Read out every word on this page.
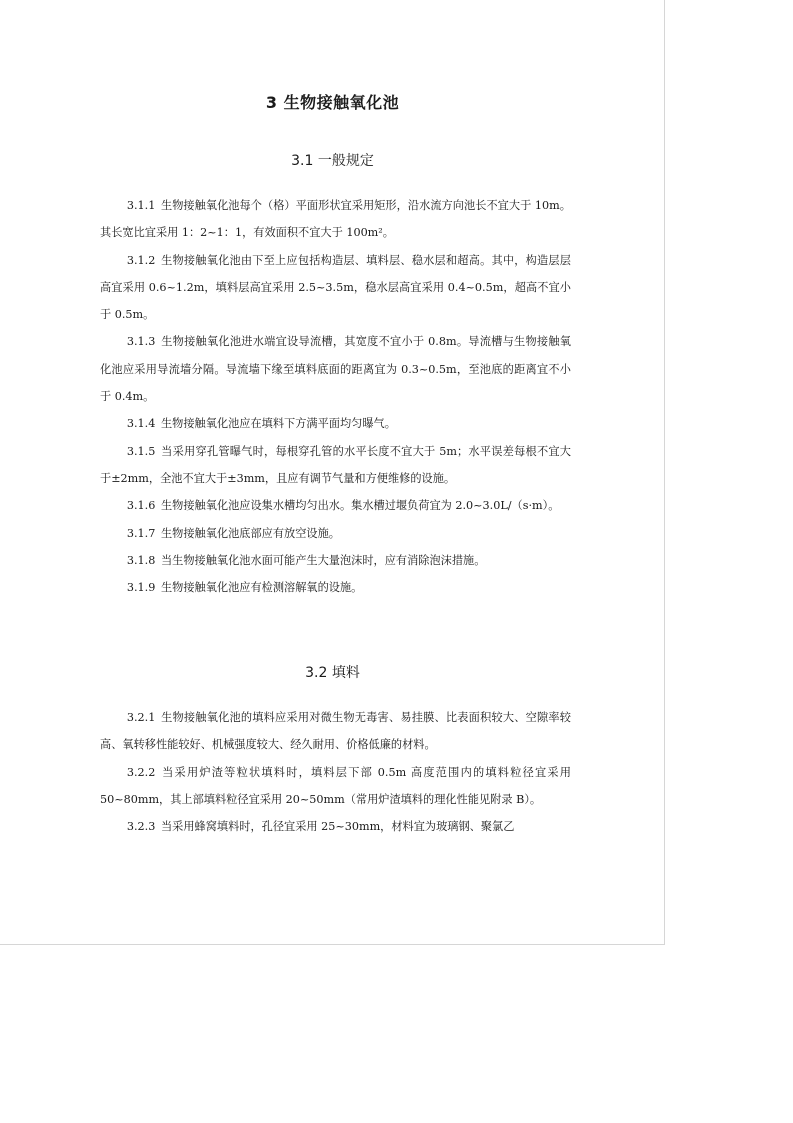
3 生物接触氧化池
3.1 一般规定

3.1.1 生物接触氧化池每个（格）平面形状宜采用矩形，沿水流方向池长不宜大于 10m。其长宽比宜采用 1：2~1：1，有效面积不宜大于 100m²。

3.1.2 生物接触氧化池由下至上应包括构造层、填料层、稳水层和超高。其中，构造层层高宜采用 0.6~1.2m，填料层高宜采用 2.5~3.5m，稳水层高宜采用 0.4~0.5m，超高不宜小于 0.5m。

3.1.3 生物接触氧化池进水端宜设导流槽，其宽度不宜小于 0.8m。导流槽与生物接触氧化池应采用导流墙分隔。导流墙下缘至填料底面的距离宜为 0.3~0.5m，至池底的距离宜不小于 0.4m。

3.1.4 生物接触氧化池应在填料下方满平面均匀曝气。

3.1.5 当采用穿孔管曝气时，每根穿孔管的水平长度不宜大于 5m；水平误差每根不宜大于±2mm，全池不宜大于±3mm，且应有调节气量和方便维修的设施。

3.1.6 生物接触氧化池应设集水槽均匀出水。集水槽过堰负荷宜为 2.0~3.0L/（s·m）。

3.1.7 生物接触氧化池底部应有放空设施。

3.1.8 当生物接触氧化池水面可能产生大量泡沫时，应有消除泡沫措施。

3.1.9 生物接触氧化池应有检测溶解氧的设施。

3.2 填料

3.2.1 生物接触氧化池的填料应采用对微生物无毒害、易挂膜、比表面积较大、空隙率较高、氧转移性能较好、机械强度较大、经久耐用、价格低廉的材料。

3.2.2 当采用炉渣等粒状填料时，填料层下部 0.5m 高度范围内的填料粒径宜采用 50~80mm，其上部填料粒径宜采用 20~50mm（常用炉渣填料的理化性能见附录 B）。

3.2.3 当采用蜂窝填料时，孔径宜采用 25~30mm，材料宜为玻璃钢、聚氯乙
